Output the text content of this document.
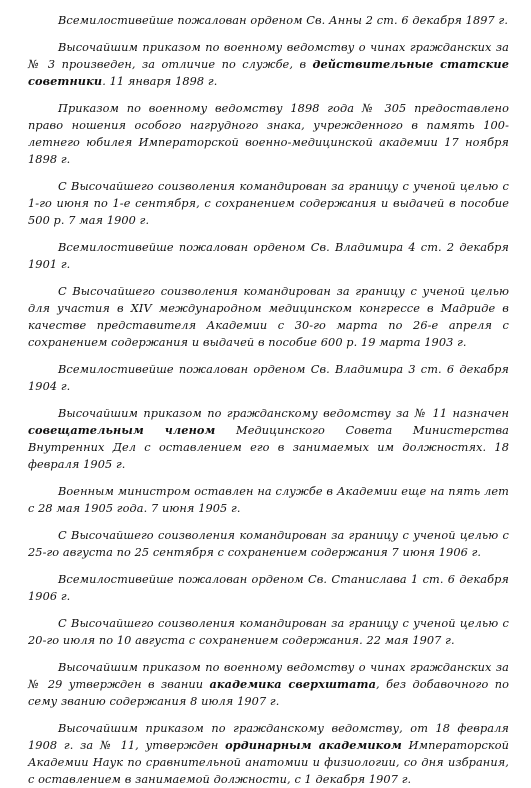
Всемилостивейше пожалован орденом Св. Анны 2 ст. 6 декабря 1897 г.

Высочайшим приказом по военному ведомству о чинах гражданских за № 3 произведен, за отличие по службе, в действительные статские советники. 11 января 1898 г.

Приказом по военному ведомству 1898 года № 305 предоставлено право ношения особого нагрудного знака, учрежденного в память 100-летнего юбилея Императорской военно-медицинской академии 17 ноября 1898 г.

С Высочайшего соизволения командирован за границу с ученой целью с 1-го июня по 1-е сентября, с сохранением содержания и выдачей в пособие 500 р. 7 мая 1900 г.

Всемилостивейше пожалован орденом Св. Владимира 4 ст. 2 декабря 1901 г.

С Высочайшего соизволения командирован за границу с ученой целью для участия в XIV международном медицинском конгрессе в Мадриде в качестве представителя Академии с 30-го марта по 26-е апреля с сохранением содержания и выдачей в пособие 600 р. 19 марта 1903 г.

Всемилостивейше пожалован орденом Св. Владимира 3 ст. 6 декабря 1904 г.

Высочайшим приказом по гражданскому ведомству за № 11 назначен совещательным членом Медицинского Совета Министерства Внутренних Дел с оставлением его в занимаемых им должностях. 18 февраля 1905 г.

Военным министром оставлен на службе в Академии еще на пять лет с 28 мая 1905 года. 7 июня 1905 г.

С Высочайшего соизволения командирован за границу с ученой целью с 25-го августа по 25 сентября с сохранением содержания 7 июня 1906 г.

Всемилостивейше пожалован орденом Св. Станислава 1 ст. 6 декабря 1906 г.

С Высочайшего соизволения командирован за границу с ученой целью с 20-го июля по 10 августа с сохранением содержания. 22 мая 1907 г.

Высочайшим приказом по военному ведомству о чинах гражданских за № 29 утвержден в звании академика сверхштата, без добавочного по сему званию содержания 8 июля 1907 г.

Высочайшим приказом по гражданскому ведомству, от 18 февраля 1908 г. за № 11, утвержден ординарным академиком Императорской Академии Наук по сравнительной анатомии и физиологии, со дня избрания, с оставлением в занимаемой должности, с 1 декабря 1907 г.
